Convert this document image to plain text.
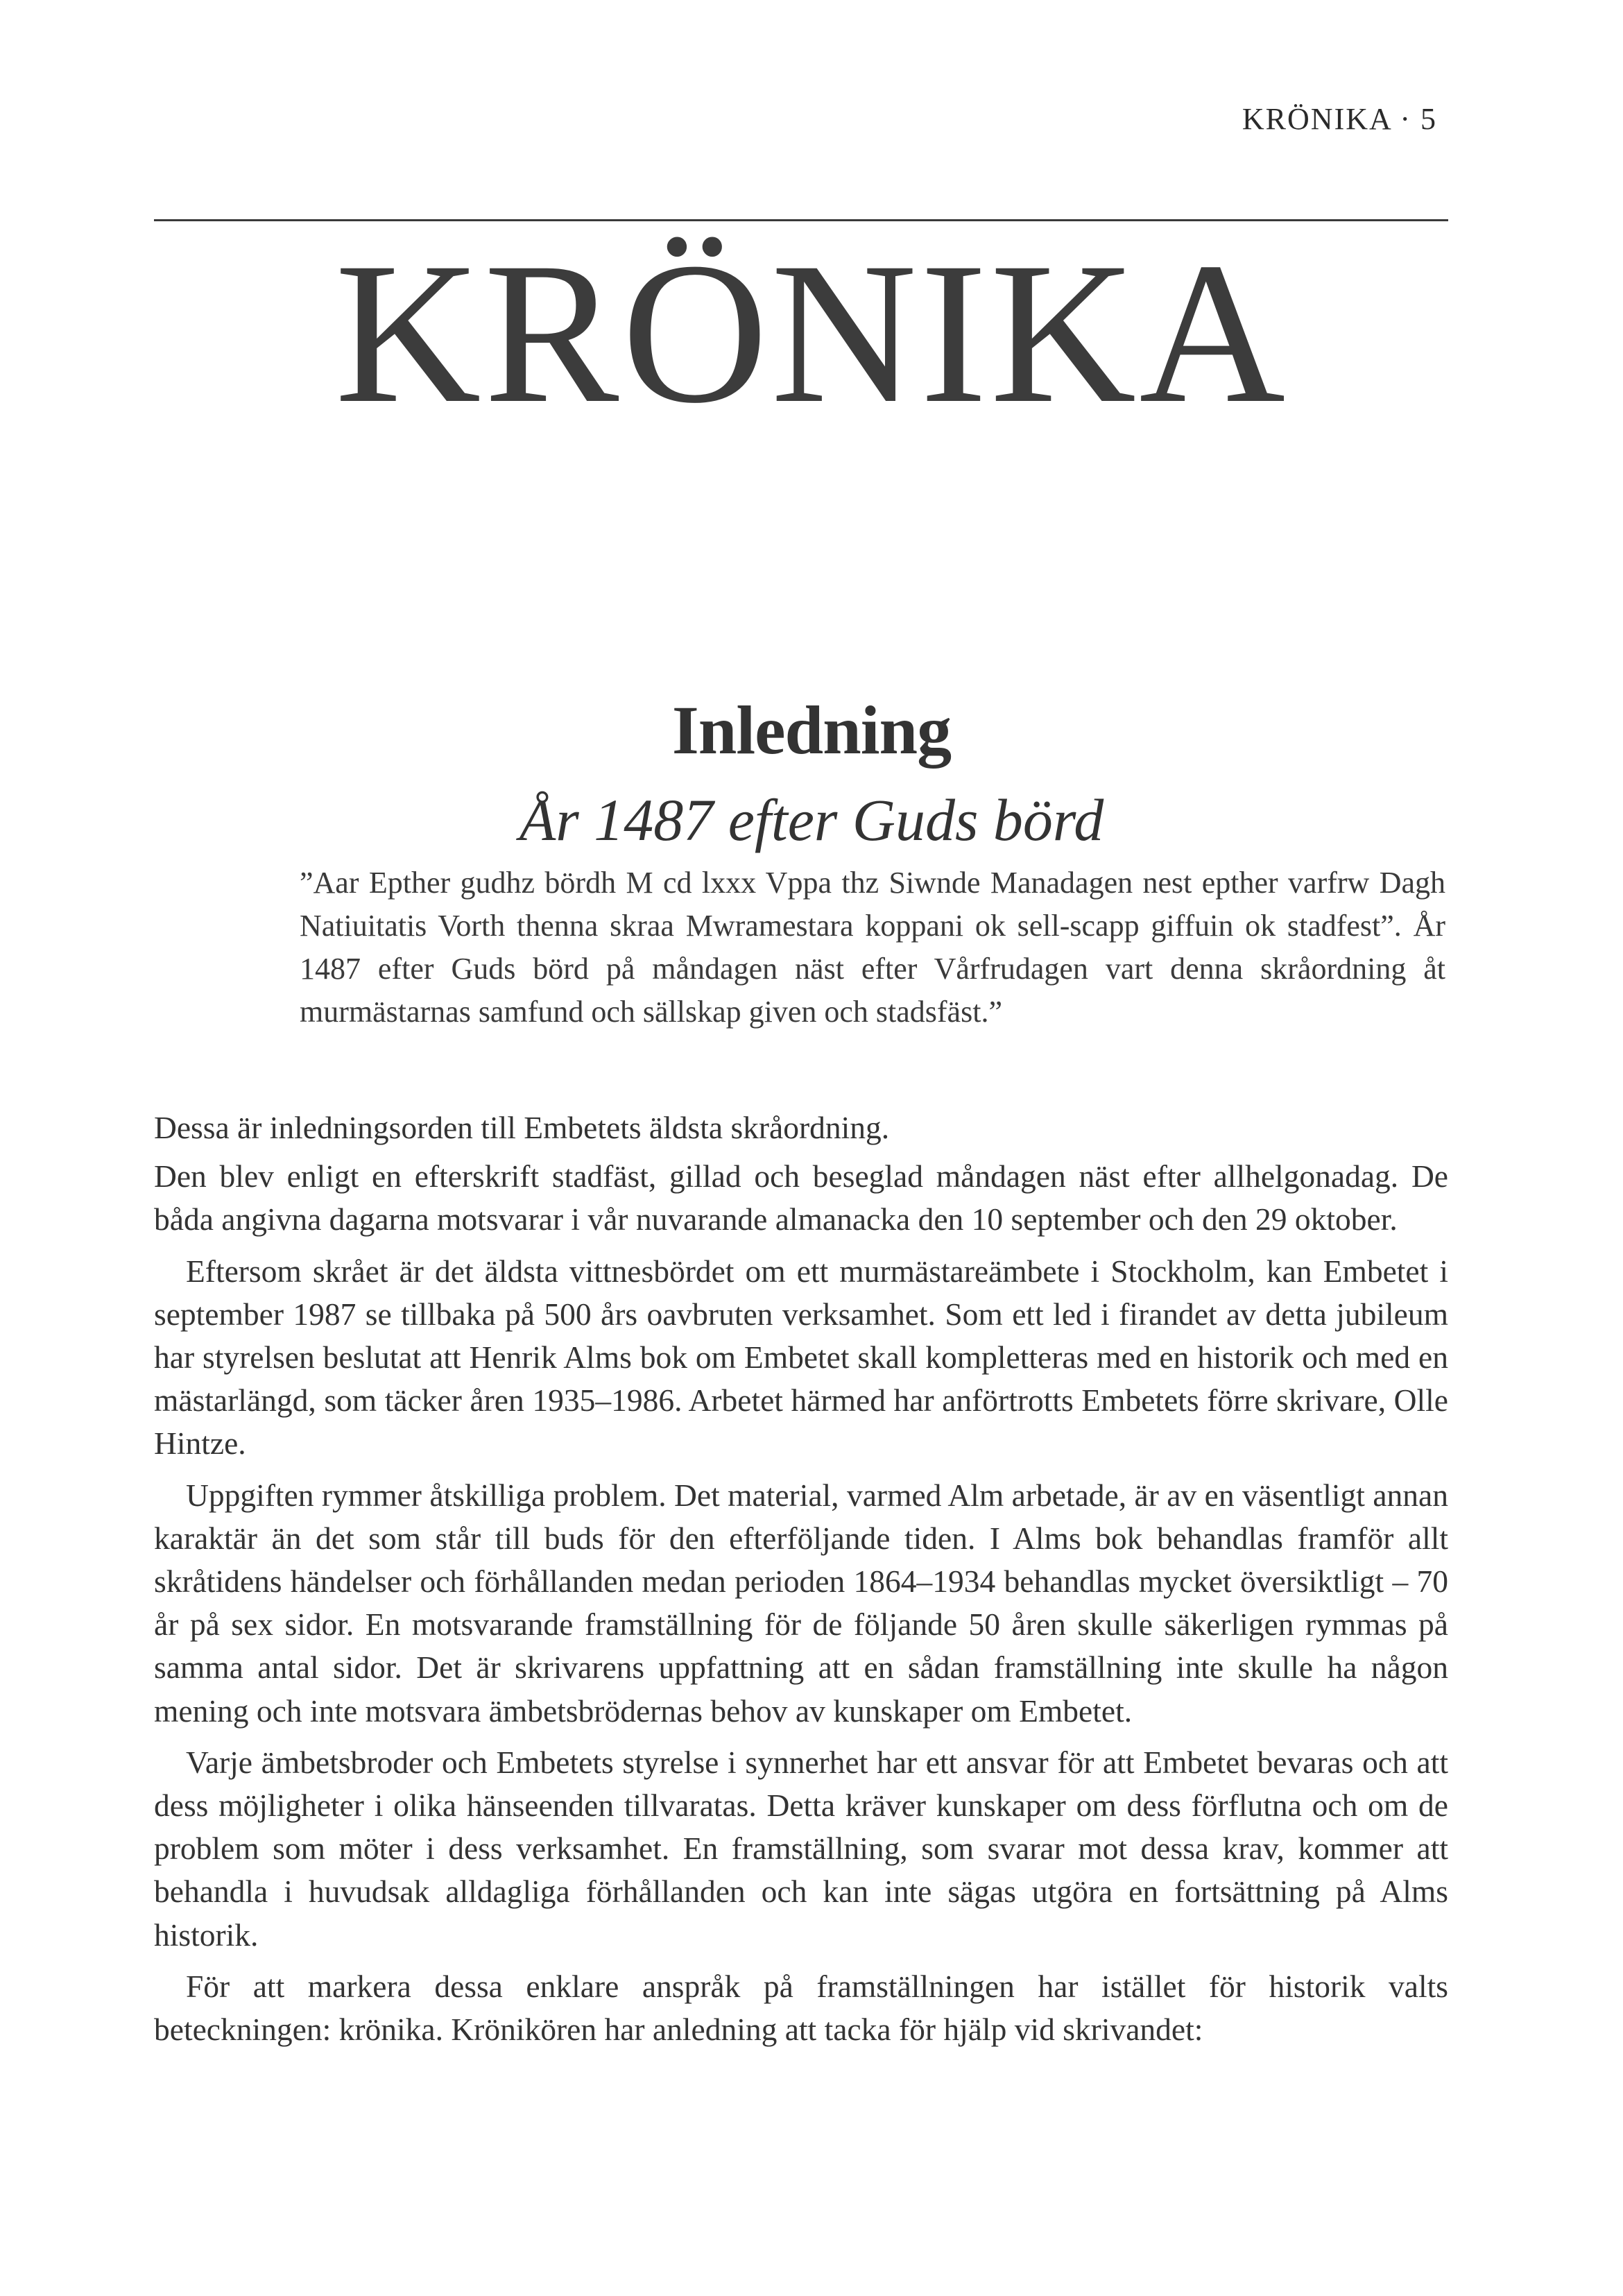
KRÖNIKA · 5
KRÖNIKA
Inledning
År 1487 efter Guds börd
”Aar Epther gudhz bördh M cd lxxx Vppa thz Siwnde Manadagen nest epther varfrw Dagh Natiuitatis Vorth thenna skraa Mwramestara koppani ok sell-scapp giffuin ok stadfest”. År 1487 efter Guds börd på måndagen näst efter Vårfrudagen vart denna skråordning åt murmästarnas samfund och sällskap given och stadsfäst.”

Dessa är inledningsorden till Embetets äldsta skråordning.

Den blev enligt en efterskrift stadfäst, gillad och beseglad måndagen näst efter allhelgonadag. De båda angivna dagarna motsvarar i vår nuvarande almanacka den 10 september och den 29 oktober.

Eftersom skrået är det äldsta vittnesbördet om ett murmästareämbete i Stockholm, kan Embetet i september 1987 se tillbaka på 500 års oavbruten verksamhet. Som ett led i firandet av detta jubileum har styrelsen beslutat att Henrik Alms bok om Embetet skall kompletteras med en historik och med en mästarlängd, som täcker åren 1935–1986. Arbetet härmed har anförtrotts Embetets förre skrivare, Olle Hintze.

Uppgiften rymmer åtskilliga problem. Det material, varmed Alm arbetade, är av en väsentligt annan karaktär än det som står till buds för den efterföljande tiden. I Alms bok behandlas framför allt skråtidens händelser och förhållanden medan perioden 1864–1934 behandlas mycket översiktligt – 70 år på sex sidor. En motsvarande framställning för de följande 50 åren skulle säkerligen rymmas på samma antal sidor. Det är skrivarens uppfattning att en sådan framställning inte skulle ha någon mening och inte motsvara ämbetsbrödernas behov av kunskaper om Embetet.

Varje ämbetsbroder och Embetets styrelse i synnerhet har ett ansvar för att Embetet bevaras och att dess möjligheter i olika hänseenden tillvaratas. Detta kräver kunskaper om dess förflutna och om de problem som möter i dess verksamhet. En framställning, som svarar mot dessa krav, kommer att behandla i huvudsak alldagliga förhållanden och kan inte sägas utgöra en fortsättning på Alms historik.

För att markera dessa enklare anspråk på framställningen har istället för historik valts beteckningen: krönika. Krönikören har anledning att tacka för hjälp vid skrivandet:
